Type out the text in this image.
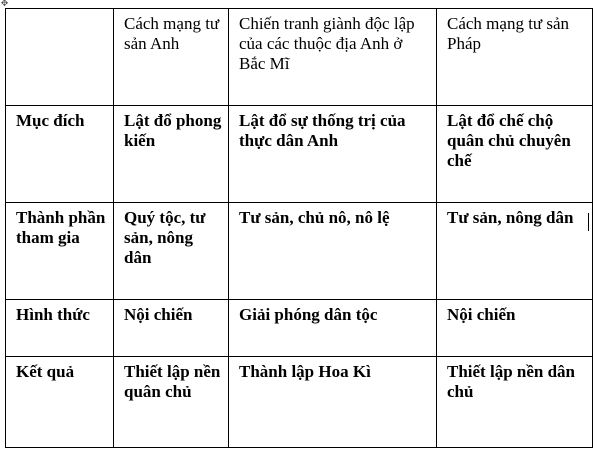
✥
	Cách mạng tư sản Anh	Chiến tranh giành độc lập của các thuộc địa Anh ở Bắc Mĩ	Cách mạng tư sản Pháp
Mục đích	Lật đổ phong kiến	Lật đổ sự thống trị của thực dân Anh	Lật đổ chế chộ quân chủ chuyên chế
Thành phần tham gia	Quý tộc, tư sản, nông dân	Tư sản, chủ nô, nô lệ	Tư sản, nông dân
Hình thức	Nội chiến	Giải phóng dân tộc	Nội chiến
Kết quả	Thiết lập nền quân chủ	Thành lập Hoa Kì	Thiết lập nền dân chủ
